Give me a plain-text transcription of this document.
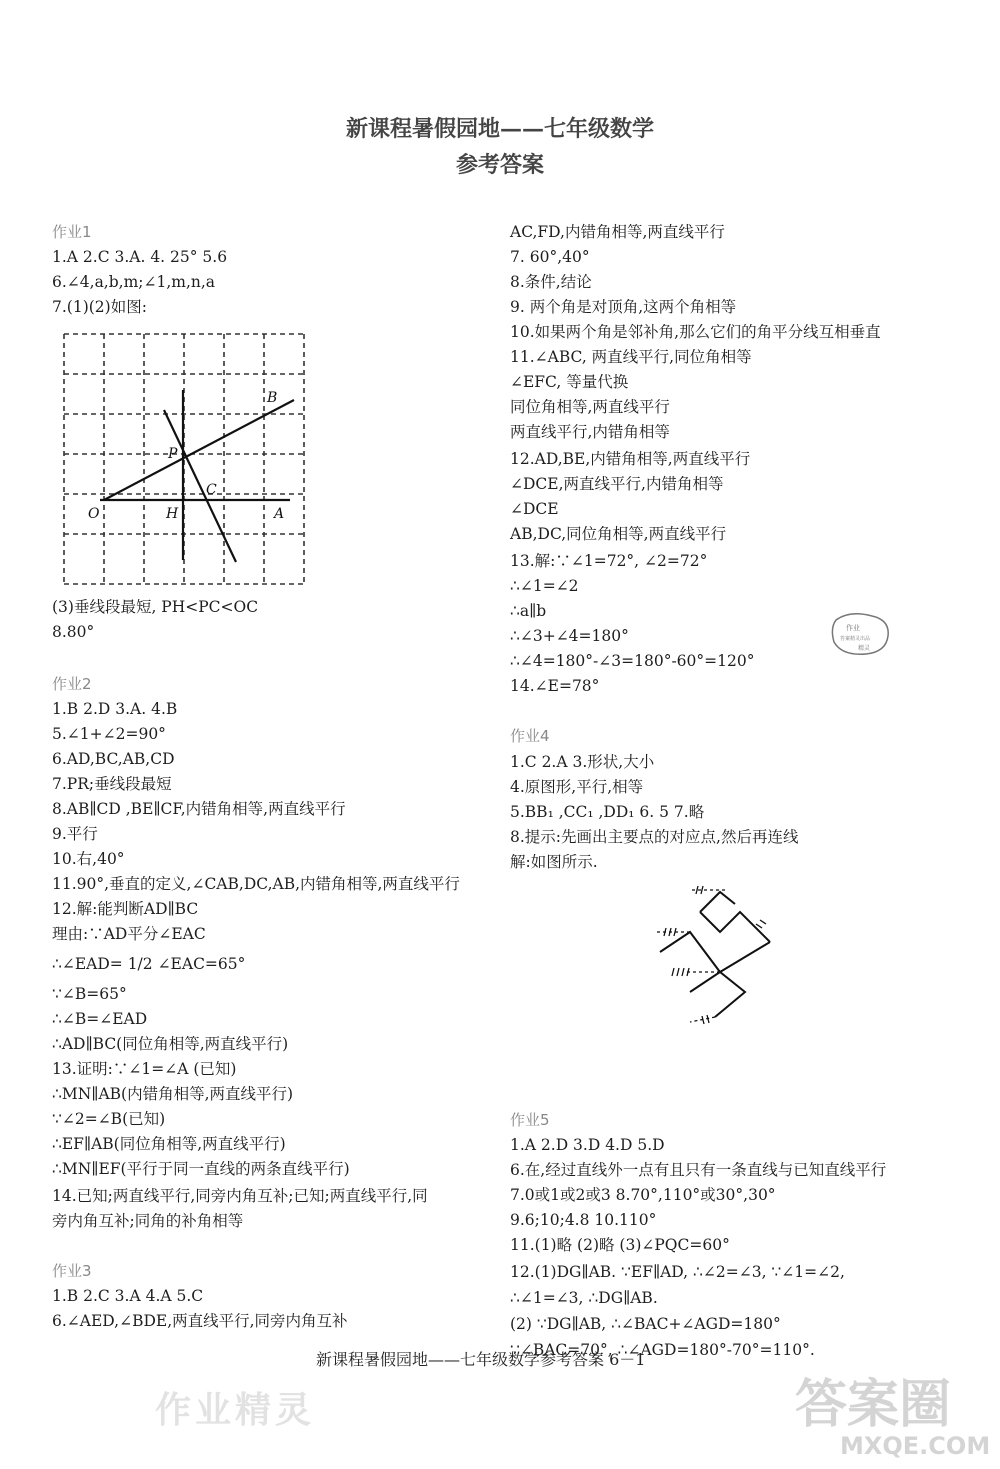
新课程暑假园地——七年级数学
参考答案
作业1
1.A 2.C 3.A. 4. 25° 5.6
6.∠4,a,b,m;∠1,m,n,a
7.(1)(2)如图:
(3)垂线段最短, PH<PC<OC
8.80°
作业2
1.B 2.D 3.A. 4.B
5.∠1+∠2=90°
6.AD,BC,AB,CD
7.PR;垂线段最短
8.AB∥CD ,BE∥CF,内错角相等,两直线平行
9.平行
10.右,40°
11.90°,垂直的定义,∠CAB,DC,AB,内错角相等,两直线平行
12.解:能判断AD∥BC
理由:∵AD平分∠EAC
∴∠EAD= 1/2 ∠EAC=65°
∵∠B=65°
∴∠B=∠EAD
∴AD∥BC(同位角相等,两直线平行)
13.证明:∵∠1=∠A (已知)
∴MN∥AB(内错角相等,两直线平行)
∵∠2=∠B(已知)
∴EF∥AB(同位角相等,两直线平行)
∴MN∥EF(平行于同一直线的两条直线平行)
14.已知;两直线平行,同旁内角互补;已知;两直线平行,同
旁内角互补;同角的补角相等
作业3
1.B 2.C 3.A 4.A 5.C
6.∠AED,∠BDE,两直线平行,同旁内角互补
AC,FD,内错角相等,两直线平行
7. 60°,40°
8.条件,结论
9. 两个角是对顶角,这两个角相等
10.如果两个角是邻补角,那么它们的角平分线互相垂直
11.∠ABC, 两直线平行,同位角相等
∠EFC, 等量代换
同位角相等,两直线平行
两直线平行,内错角相等
12.AD,BE,内错角相等,两直线平行
∠DCE,两直线平行,内错角相等
∠DCE
AB,DC,同位角相等,两直线平行
13.解:∵∠1=72°, ∠2=72°
∴∠1=∠2
∴a∥b
∴∠3+∠4=180°
∴∠4=180°-∠3=180°-60°=120°
14.∠E=78°
作业4
1.C 2.A 3.形状,大小
4.原图形,平行,相等
5.BB₁ ,CC₁ ,DD₁ 6. 5 7.略
8.提示:先画出主要点的对应点,然后再连线
解:如图所示.
作业5
1.A 2.D 3.D 4.D 5.D
6.在,经过直线外一点有且只有一条直线与已知直线平行
7.0或1或2或3 8.70°,110°或30°,30°
9.6;10;4.8 10.110°
11.(1)略 (2)略 (3)∠PQC=60°
12.(1)DG∥AB. ∵EF∥AD, ∴∠2=∠3, ∵∠1=∠2,
∴∠1=∠3, ∴DG∥AB.
(2) ∵DG∥AB, ∴∠BAC+∠AGD=180°
∵∠BAC=70°, ∴∠AGD=180°-70°=110°.
B
P
C
O	H	A
作业
答案精灵出品
精灵
新课程暑假园地——七年级数学参考答案 6－1
作业精灵	答案圈
MXQE.COM
